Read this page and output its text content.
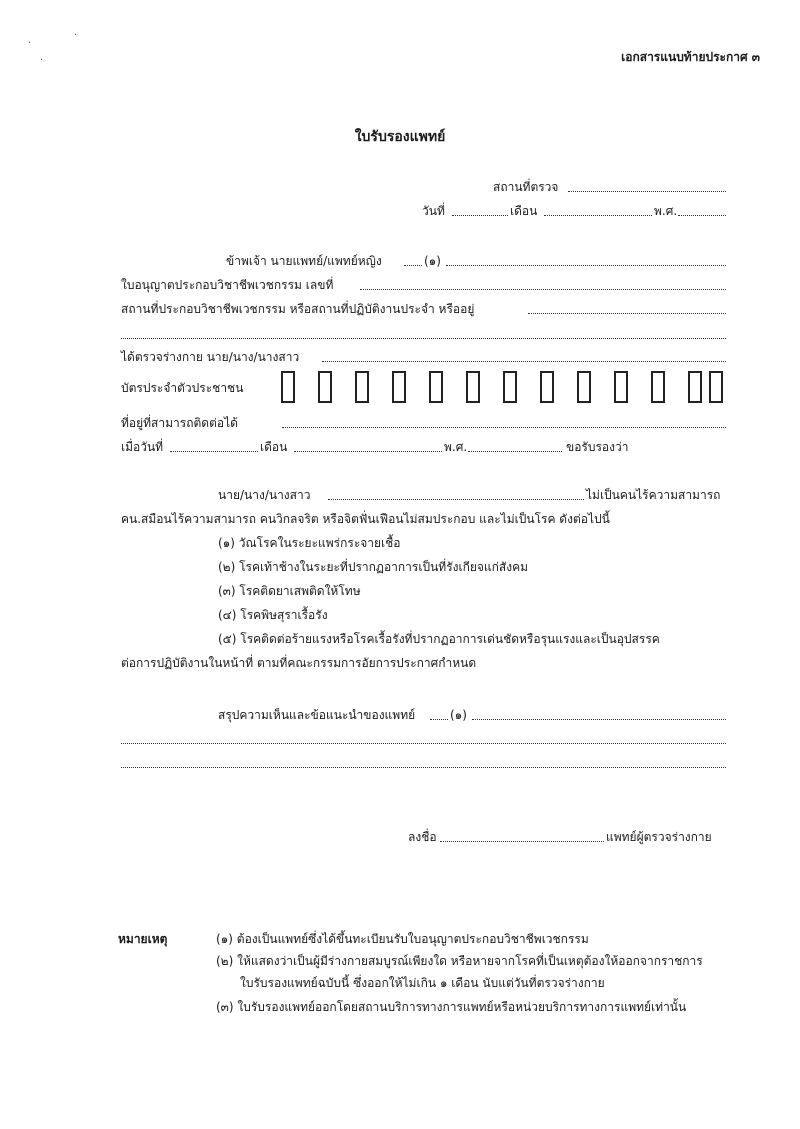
·
·
·
เอกสารแนบท้ายประกาศ ๓
ใบรับรองแพทย์
สถานที่ตรวจ
วันที่	เดือน	พ.ศ.
ข้าพเจ้า นายแพทย์/แพทย์หญิง	(๑)
ใบอนุญาตประกอบวิชาชีพเวชกรรม เลขที่
สถานที่ประกอบวิชาชีพเวชกรรม หรือสถานที่ปฏิบัติงานประจำ หรืออยู่
ได้ตรวจร่างกาย นาย/นาง/นางสาว
บัตรประจำตัวประชาชน
ที่อยู่ที่สามารถติดต่อได้
เมื่อวันที่	เดือน	พ.ศ.	ขอรับรองว่า
นาย/นาง/นางสาว	ไม่เป็นคนไร้ความสามารถ
คน.สมือนไร้ความสามารถ คนวิกลจริต หรือจิตฟั่นเฟือนไม่สมประกอบ และไม่เป็นโรค ดังต่อไปนี้
(๑) วัณโรคในระยะแพร่กระจายเชื้อ
(๒) โรคเท้าช้างในระยะที่ปรากฏอาการเป็นที่รังเกียจแก่สังคม
(๓) โรคติดยาเสพติดให้โทษ
(๔) โรคพิษสุราเรื้อรัง
(๕) โรคติดต่อร้ายแรงหรือโรคเรื้อรังที่ปรากฏอาการเด่นชัดหรือรุนแรงและเป็นอุปสรรค
ต่อการปฏิบัติงานในหน้าที่ ตามที่คณะกรรมการอัยการประกาศกำหนด
สรุปความเห็นและข้อแนะนำของแพทย์	(๑)
ลงชื่อ	แพทย์ผู้ตรวจร่างกาย
หมายเหตุ	(๑) ต้องเป็นแพทย์ซึ่งได้ขึ้นทะเบียนรับใบอนุญาตประกอบวิชาชีพเวชกรรม
(๒) ให้แสดงว่าเป็นผู้มีร่างกายสมบูรณ์เพียงใด หรือหายจากโรคที่เป็นเหตุต้องให้ออกจากราชการ
ใบรับรองแพทย์ฉบับนี้ ซึ่งออกให้ไม่เกิน ๑ เดือน นับแต่วันที่ตรวจร่างกาย
(๓) ใบรับรองแพทย์ออกโดยสถานบริการทางการแพทย์หรือหน่วยบริการทางการแพทย์เท่านั้น
